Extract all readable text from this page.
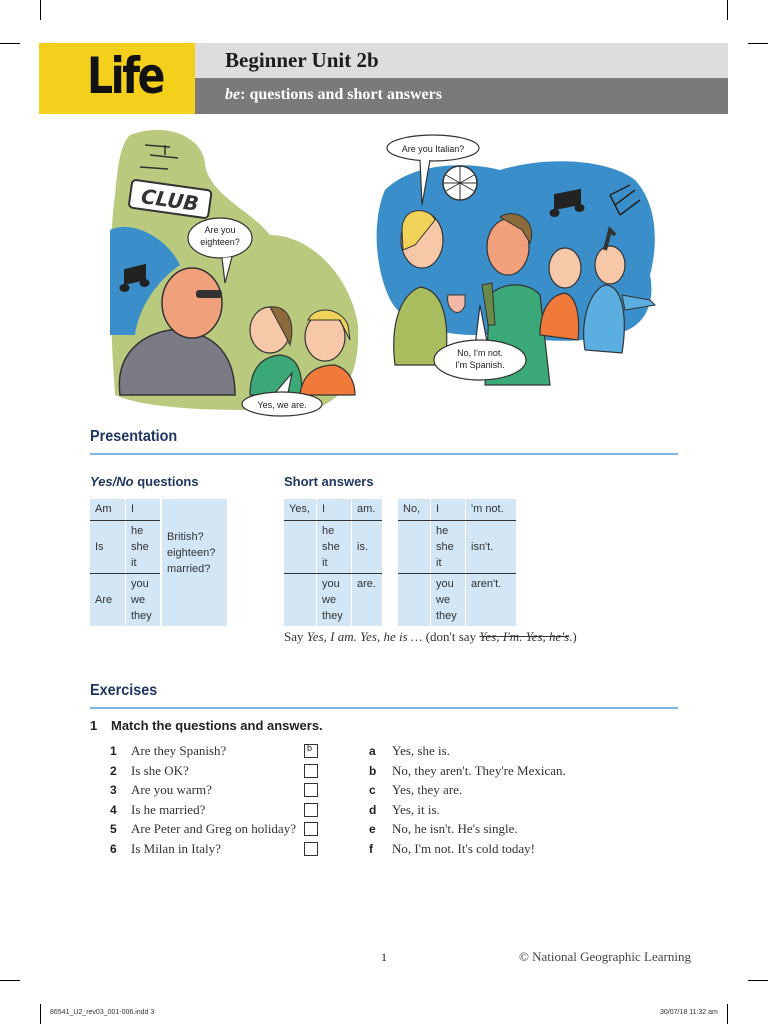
Life	Beginner Unit 2b
be: questions and short answers
CLUB
Are you
eighteen?
Yes, we are.
Are you Italian?
No, I'm not.
I'm Spanish.
Presentation
Yes/No questions	Short answers
Am	I	British?
eighteen?
married?

Is	he
she
it	

Are	you
we
they	
Yes,	I	am.

	he
she
it	is.

	you
we
they	are.
No,	I	'm not.

	he
she
it	isn't.

	you
we
they	aren't.
Say Yes, I am. Yes, he is … (don't say Yes, I'm. Yes, he's.)
Exercises
1 Match the questions and answers.
1 Are they Spanish?	b
2 Is she OK?
3 Are you warm?
4 Is he married?
5 Are Peter and Greg on holiday?
6 Is Milan in Italy?
a Yes, she is.
b No, they aren't. They're Mexican.
c Yes, they are.
d Yes, it is.
e No, he isn't. He's single.
f No, I'm not. It's cold today!
1	© National Geographic Learning
86541_U2_rev03_001-006.indd 3	30/07/18 11:32 am
